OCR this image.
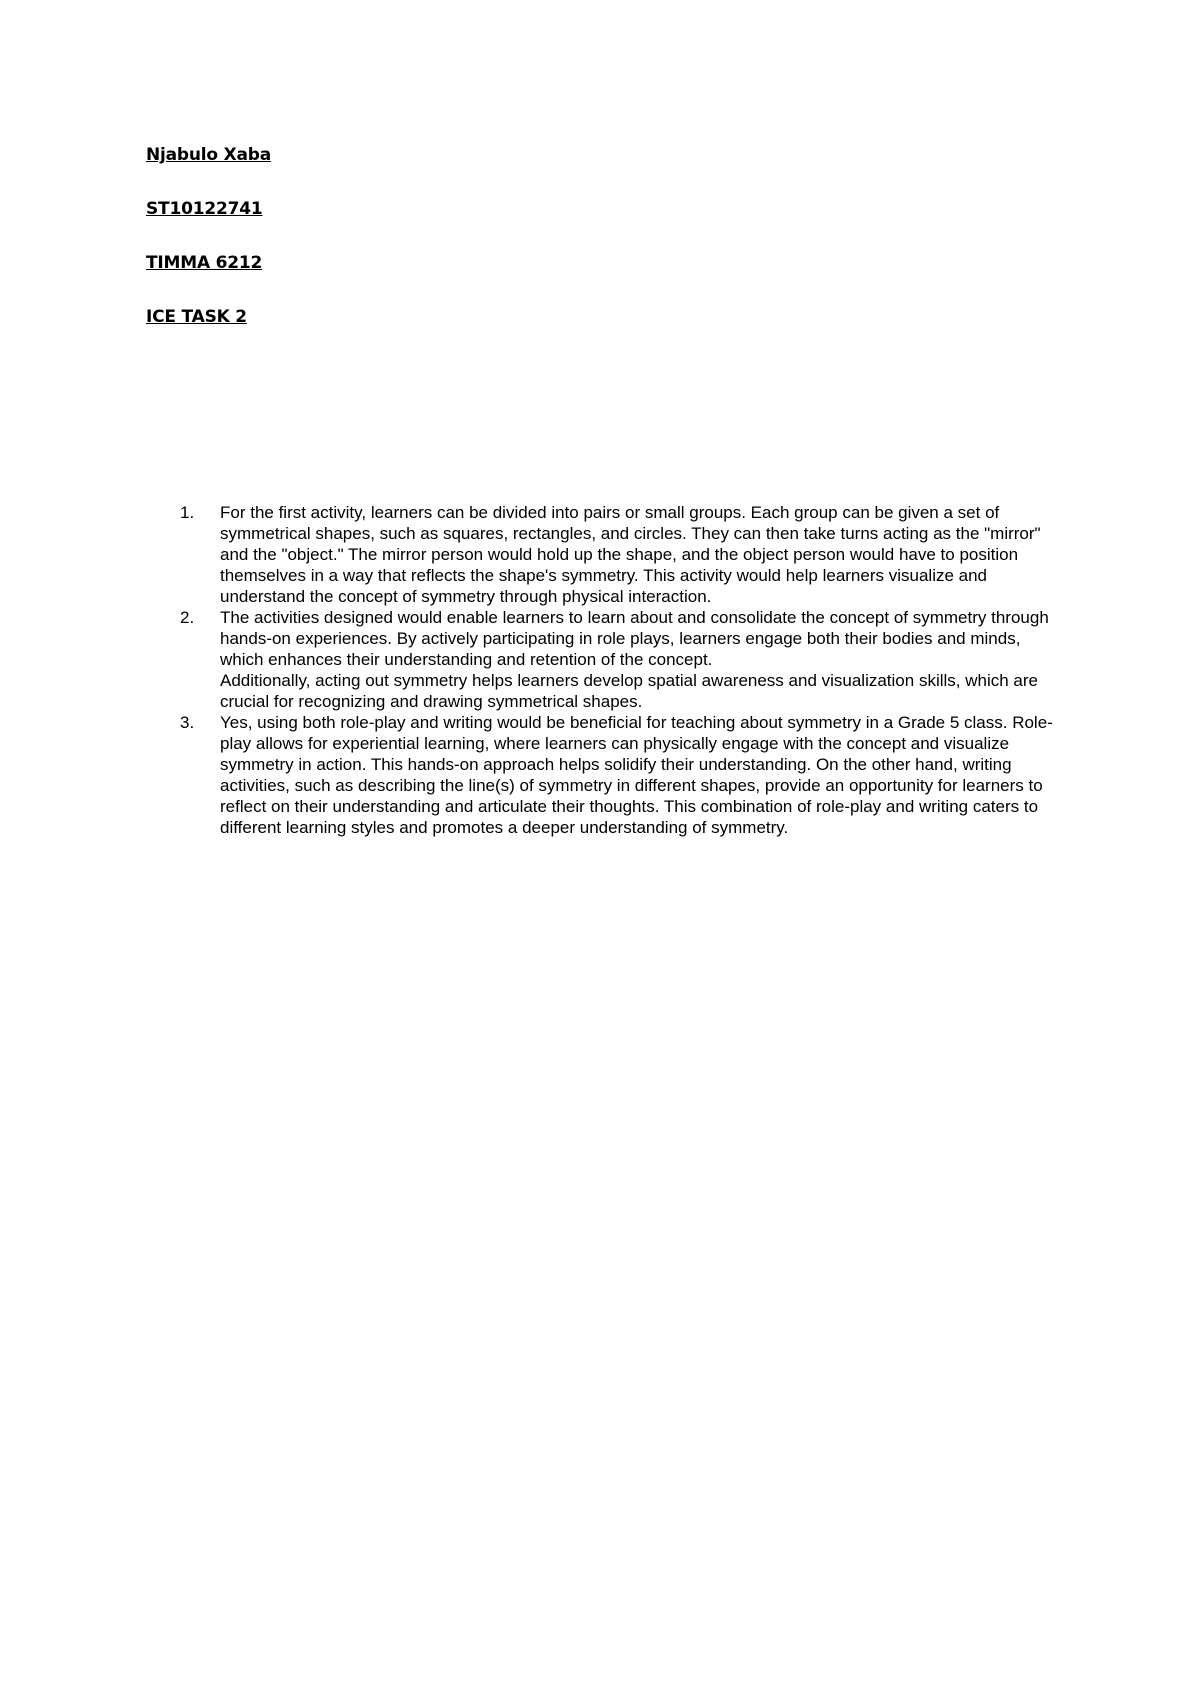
Njabulo Xaba
ST10122741
TIMMA 6212
ICE TASK 2
1. For the first activity, learners can be divided into pairs or small groups. Each group can be given a set of symmetrical shapes, such as squares, rectangles, and circles. They can then take turns acting as the "mirror" and the "object." The mirror person would hold up the shape, and the object person would have to position themselves in a way that reflects the shape's symmetry. This activity would help learners visualize and understand the concept of symmetry through physical interaction.

2. The activities designed would enable learners to learn about and consolidate the concept of symmetry through hands-on experiences. By actively participating in role plays, learners engage both their bodies and minds, which enhances their understanding and retention of the concept.

Additionally, acting out symmetry helps learners develop spatial awareness and visualization skills, which are crucial for recognizing and drawing symmetrical shapes.

3. Yes, using both role-play and writing would be beneficial for teaching about symmetry in a Grade 5 class. Role-play allows for experiential learning, where learners can physically engage with the concept and visualize symmetry in action. This hands-on approach helps solidify their understanding. On the other hand, writing activities, such as describing the line(s) of symmetry in different shapes, provide an opportunity for learners to reflect on their understanding and articulate their thoughts. This combination of role-play and writing caters to different learning styles and promotes a deeper understanding of symmetry.
